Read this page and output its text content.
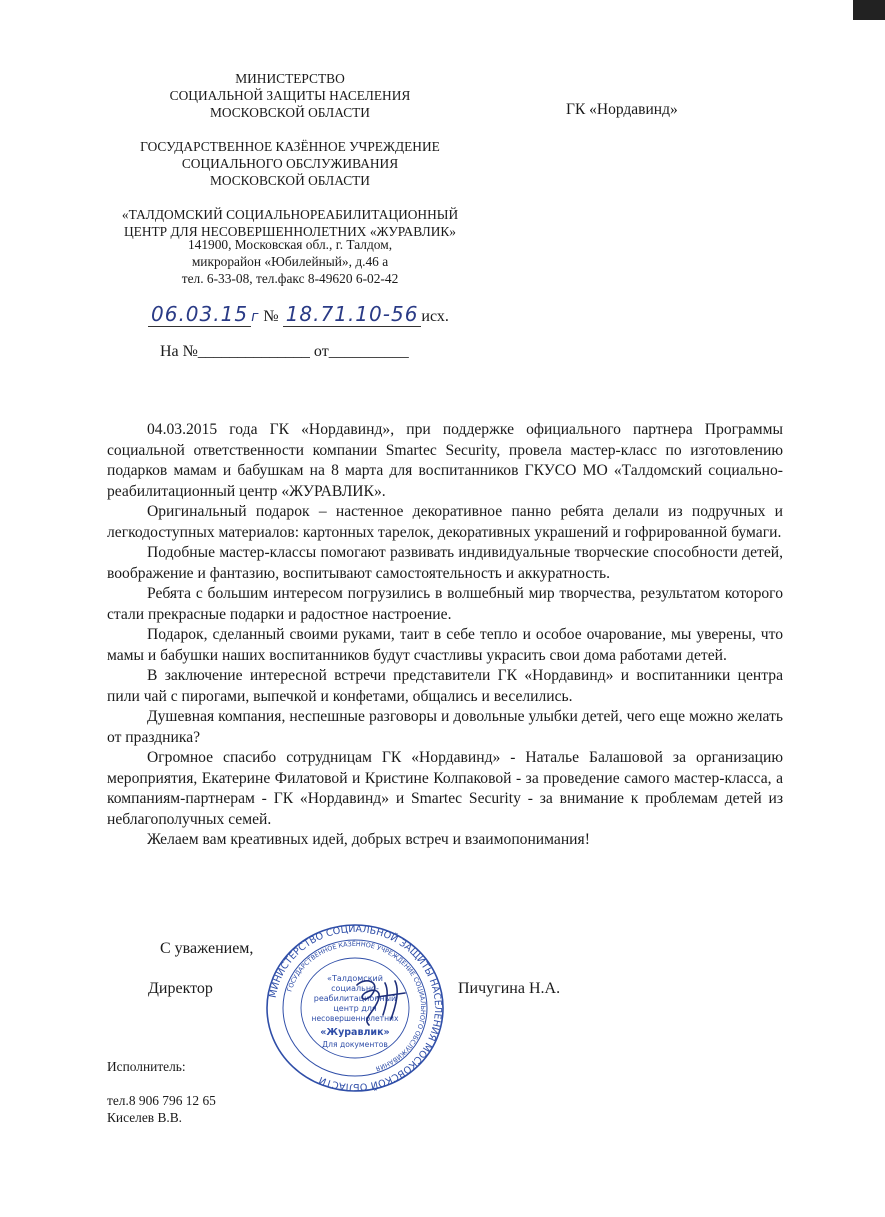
МИНИСТЕРСТВО
СОЦИАЛЬНОЙ ЗАЩИТЫ НАСЕЛЕНИЯ
МОСКОВСКОЙ ОБЛАСТИ
ГОСУДАРСТВЕННОЕ КАЗЁННОЕ УЧРЕЖДЕНИЕ
СОЦИАЛЬНОГО ОБСЛУЖИВАНИЯ
МОСКОВСКОЙ ОБЛАСТИ
«ТАЛДОМСКИЙ СОЦИАЛЬНОРЕАБИЛИТАЦИОННЫЙ
ЦЕНТР ДЛЯ НЕСОВЕРШЕННОЛЕТНИХ «ЖУРАВЛИК»
141900, Московская обл., г. Талдом,
микрорайон «Юбилейный», д.46 а
тел. 6-33-08, тел.факс 8-49620 6-02-42
ГК «Нордавинд»
06.03.15 г № 18.71.10-56 исх.
На №______________ от__________

04.03.2015 года ГК «Нордавинд», при поддержке официального партнера Программы социальной ответственности компании Smartec Security, провела мастер-класс по изготовлению подарков мамам и бабушкам на 8 марта для воспитанников ГКУСО МО «Талдомский социально-реабилитационный центр «ЖУРАВЛИК».

Оригинальный подарок – настенное декоративное панно ребята делали из подручных и легкодоступных материалов: картонных тарелок, декоративных украшений и гофрированной бумаги.

Подобные мастер-классы помогают развивать индивидуальные творческие способности детей, воображение и фантазию, воспитывают самостоятельность и аккуратность.

Ребята с большим интересом погрузились в волшебный мир творчества, результатом которого стали прекрасные подарки и радостное настроение.

Подарок, сделанный своими руками, таит в себе тепло и особое очарование, мы уверены, что мамы и бабушки наших воспитанников будут счастливы украсить свои дома работами детей.

В заключение интересной встречи представители ГК «Нордавинд» и воспитанники центра пили чай с пирогами, выпечкой и конфетами, общались и веселились.

Душевная компания, неспешные разговоры и довольные улыбки детей, чего еще можно желать от праздника?

Огромное спасибо сотрудницам ГК «Нордавинд» - Наталье Балашовой за организацию мероприятия, Екатерине Филатовой и Кристине Колпаковой - за проведение самого мастер-класса, а компаниям-партнерам - ГК «Нордавинд» и Smartec Security - за внимание к проблемам детей из неблагополучных семей.

Желаем вам креативных идей, добрых встреч и взаимопонимания!

С уважением,
Директор	Пичугина Н.А.
МИНИСТЕРСТВО СОЦИАЛЬНОЙ ЗАЩИТЫ НАСЕЛЕНИЯ МОСКОВСКОЙ ОБЛАСТИ
ГОСУДАРСТВЕННОЕ КАЗЁННОЕ УЧРЕЖДЕНИЕ СОЦИАЛЬНОГО ОБСЛУЖИВАНИЯ
«Талдомский
социально-
реабилитационный
центр для
несовершеннолетних
«Журавлик»
Для документов
Исполнитель:
тел.8 906 796 12 65
Киселев В.В.
